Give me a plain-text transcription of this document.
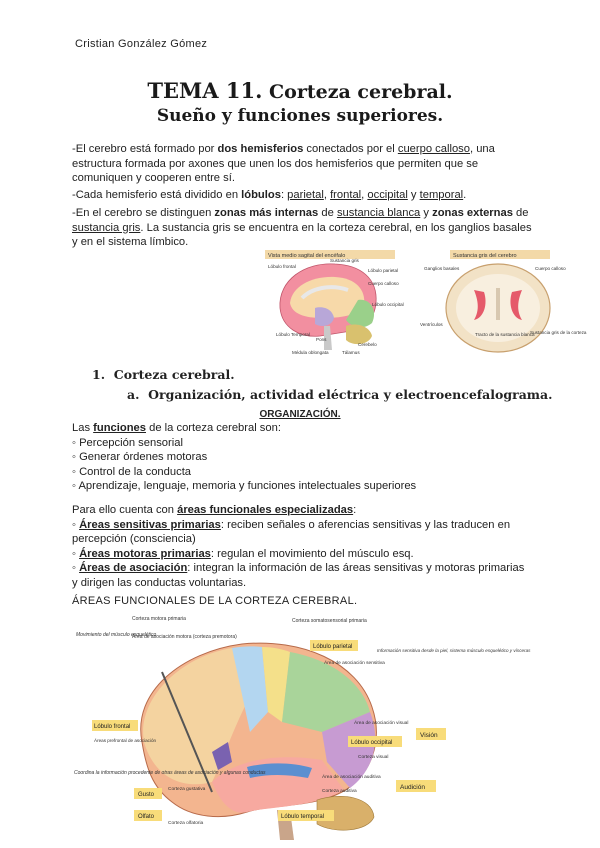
Cristian González Gómez
TEMA 11. Corteza cerebral.
Sueño y funciones superiores.
-El cerebro está formado por dos hemisferios conectados por el cuerpo calloso, una estructura formada por axones que unen los dos hemisferios que permiten que se comuniquen y cooperen entre sí.
-Cada hemisferio está dividido en lóbulos: parietal, frontal, occipital y temporal.
-En el cerebro se distinguen zonas más internas de sustancia blanca y zonas externas de sustancia gris. La sustancia gris se encuentra en la corteza cerebral, en los ganglios basales y en el sistema límbico.
Vista medio sagital del encéfalo
Lóbulo frontal
Sustancia gris
Lóbulo parietal
Cuerpo calloso
Lóbulo occipital
Lóbulo Temporal
Pons
Cerebelo
Tálamus
Médula oblongata
Sustancia gris del cerebro
Ganglios basales	Cuerpo calloso
Ventrículos
Tracto de la sustancia blanca
Sustancia gris de la corteza
1. Corteza cerebral.
a. Organización, actividad eléctrica y electroencefalograma.
ORGANIZACIÓN.
Las funciones de la corteza cerebral son:
◦ Percepción sensorial
◦ Generar órdenes motoras
◦ Control de la conducta
◦ Aprendizaje, lenguaje, memoria y funciones intelectuales superiores
Para ello cuenta con áreas funcionales especializadas:
◦ Áreas sensitivas primarias: reciben señales o aferencias sensitivas y las traducen en percepción (consciencia)
◦ Áreas motoras primarias: regulan el movimiento del músculo esq.
◦ Áreas de asociación: integran la información de las áreas sensitivas y motoras primarias y dirigen las conductas voluntarias.
ÁREAS FUNCIONALES DE LA CORTEZA CEREBRAL.
Lóbulo parietal
Lóbulo frontal
Lóbulo occipital
Lóbulo temporal
Gusto
Olfato
Visión
Audición
Movimiento del músculo esquelético
Coordina la información procedente de otras áreas de asociación y algunas conductas
Corteza motora primaria
Área de asociación motora (corteza premotora)
Corteza somatosensorial primaria
Información sensitiva desde la piel, sistema músculo esquelético y vísceras
Área de asociación sensitiva
Área de asociación visual
Corteza visual
Área de asociación auditiva
Corteza auditiva
Corteza gustativa
Corteza olfatoria
Áreas prefrontal de asociación
